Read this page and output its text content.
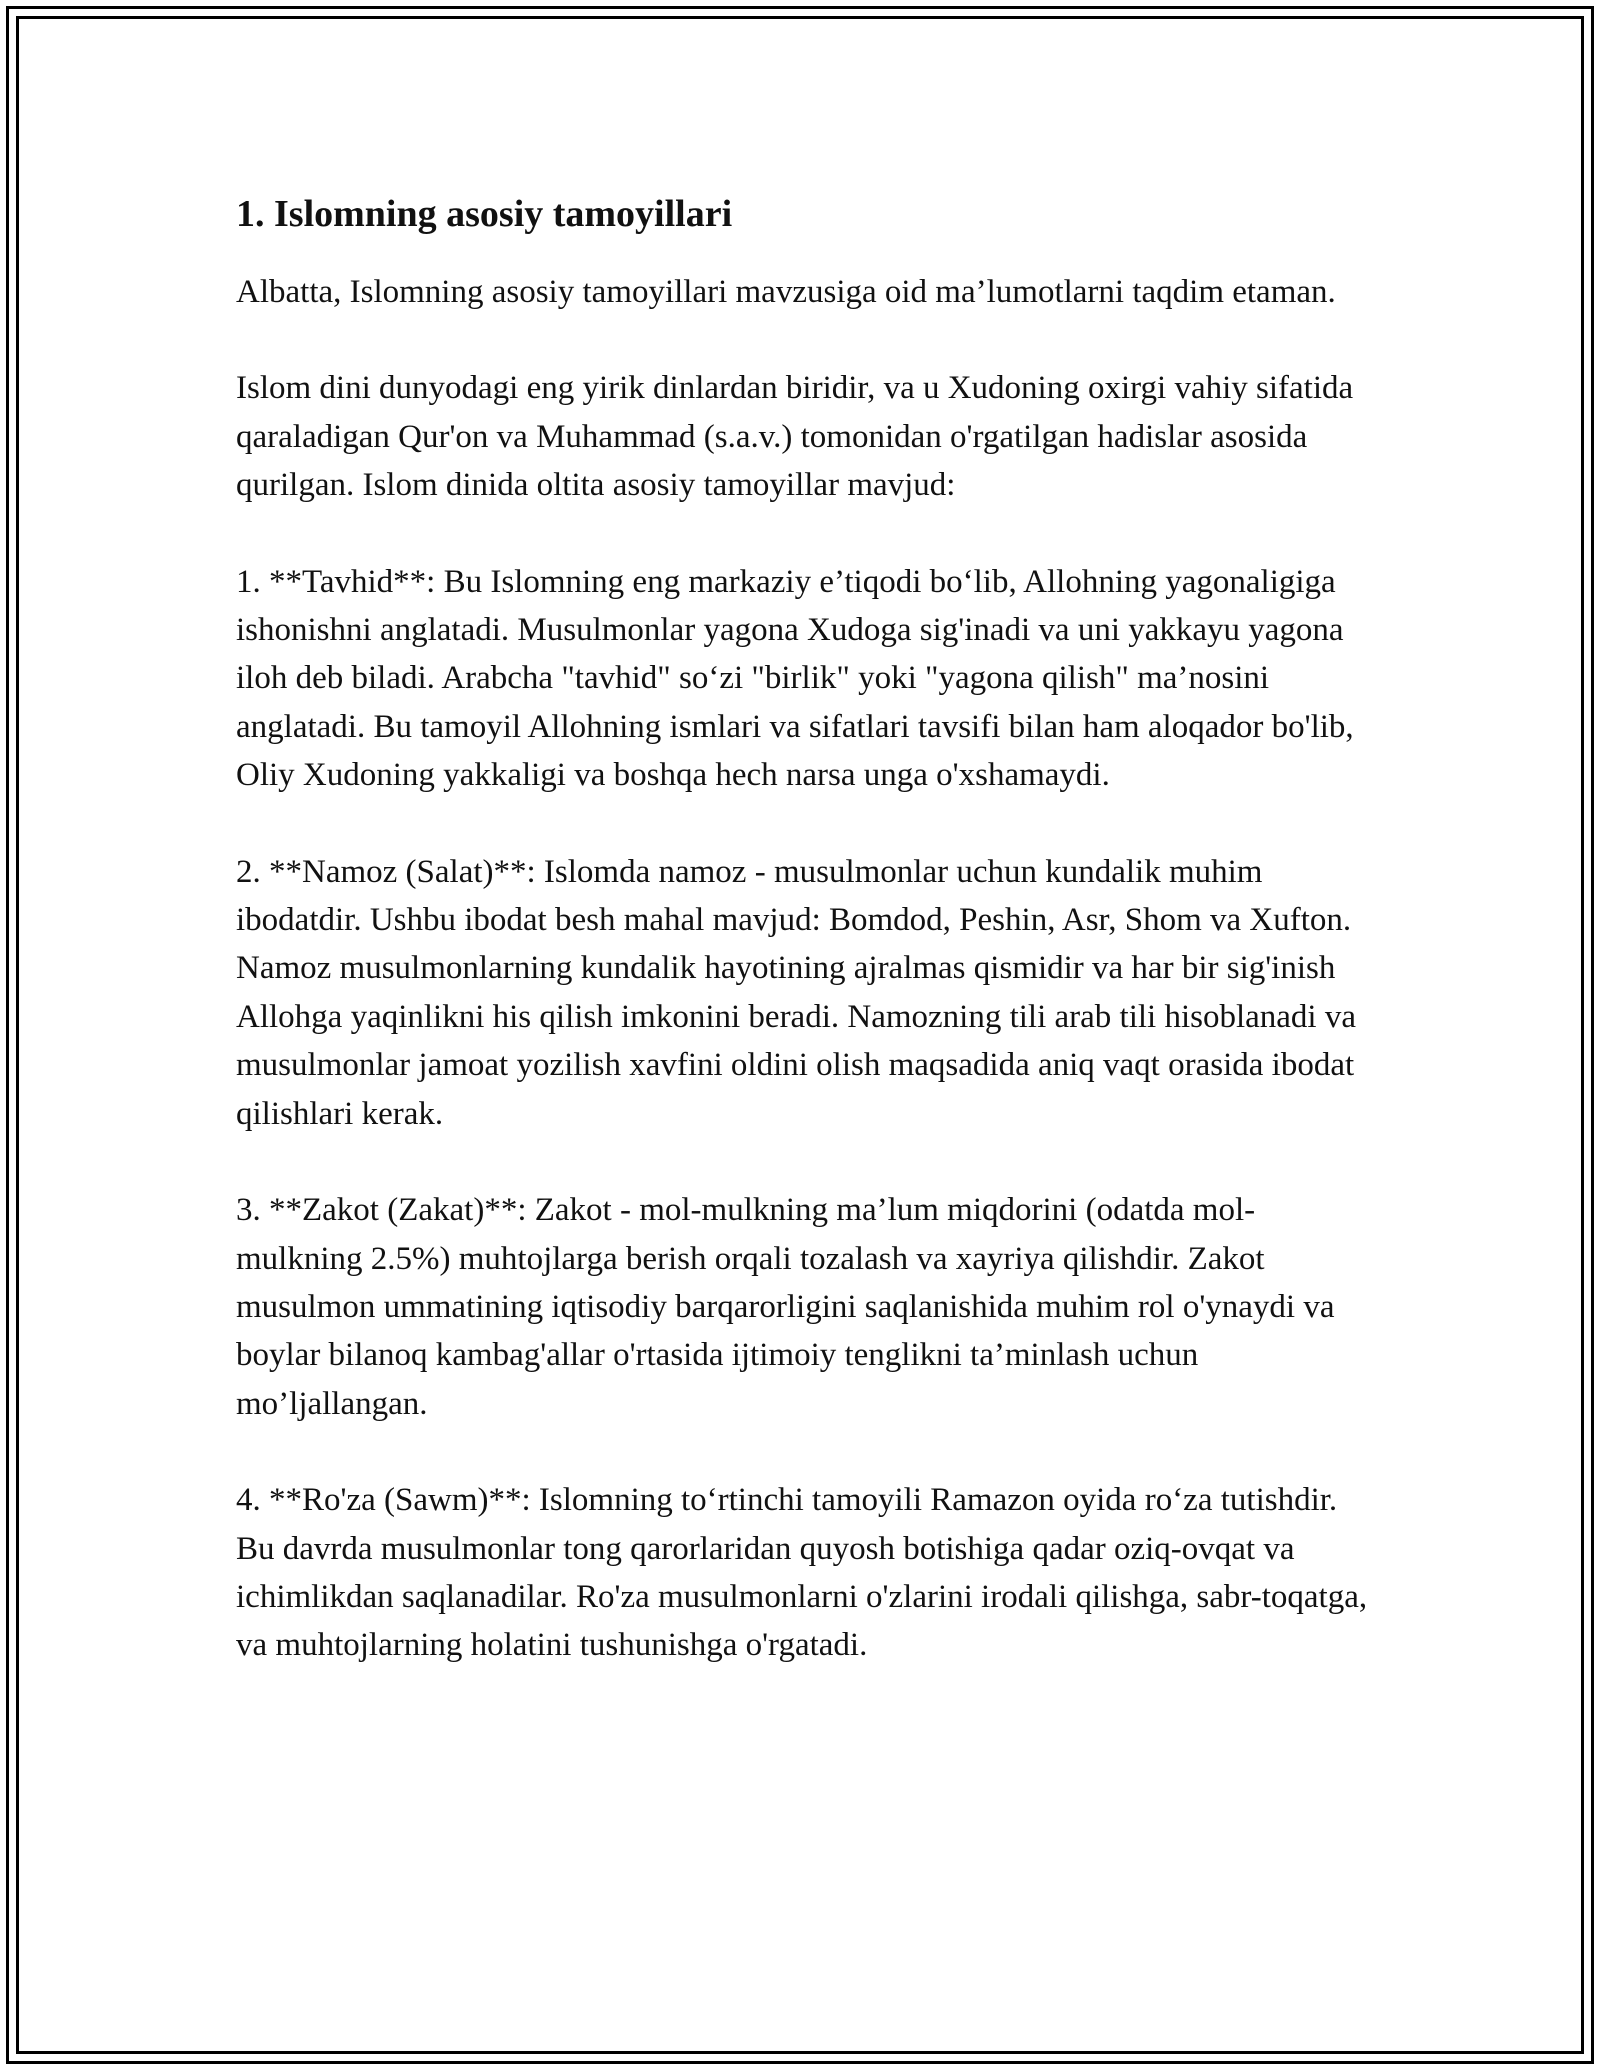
1. Islomning asosiy tamoyillari

Albatta, Islomning asosiy tamoyillari mavzusiga oid ma’lumotlarni taqdim etaman.

Islom dini dunyodagi eng yirik dinlardan biridir, va u Xudoning oxirgi vahiy sifatida qaraladigan Qur'on va Muhammad (s.a.v.) tomonidan o'rgatilgan hadislar asosida qurilgan. Islom dinida oltita asosiy tamoyillar mavjud:

1. **Tavhid**: Bu Islomning eng markaziy e’tiqodi bo‘lib, Allohning yagonaligiga ishonishni anglatadi. Musulmonlar yagona Xudoga sig'inadi va uni yakkayu yagona iloh deb biladi. Arabcha "tavhid" so‘zi "birlik" yoki "yagona qilish" ma’nosini anglatadi. Bu tamoyil Allohning ismlari va sifatlari tavsifi bilan ham aloqador bo'lib, Oliy Xudoning yakkaligi va boshqa hech narsa unga o'xshamaydi.

2. **Namoz (Salat)**: Islomda namoz - musulmonlar uchun kundalik muhim ibodatdir. Ushbu ibodat besh mahal mavjud: Bomdod, Peshin, Asr, Shom va Xufton. Namoz musulmonlarning kundalik hayotining ajralmas qismidir va har bir sig'inish Allohga yaqinlikni his qilish imkonini beradi. Namozning tili arab tili hisoblanadi va musulmonlar jamoat yozilish xavfini oldini olish maqsadida aniq vaqt orasida ibodat qilishlari kerak.

3. **Zakot (Zakat)**: Zakot - mol-mulkning ma’lum miqdorini (odatda mol-mulkning 2.5%) muhtojlarga berish orqali tozalash va xayriya qilishdir. Zakot musulmon ummatining iqtisodiy barqarorligini saqlanishida muhim rol o'ynaydi va boylar bilanoq kambag'allar o'rtasida ijtimoiy tenglikni ta’minlash uchun mo’ljallangan.

4. **Ro'za (Sawm)**: Islomning to‘rtinchi tamoyili Ramazon oyida ro‘za tutishdir. Bu davrda musulmonlar tong qarorlaridan quyosh botishiga qadar oziq-ovqat va ichimlikdan saqlanadilar. Ro'za musulmonlarni o'zlarini irodali qilishga, sabr-toqatga, va muhtojlarning holatini tushunishga o'rgatadi.
